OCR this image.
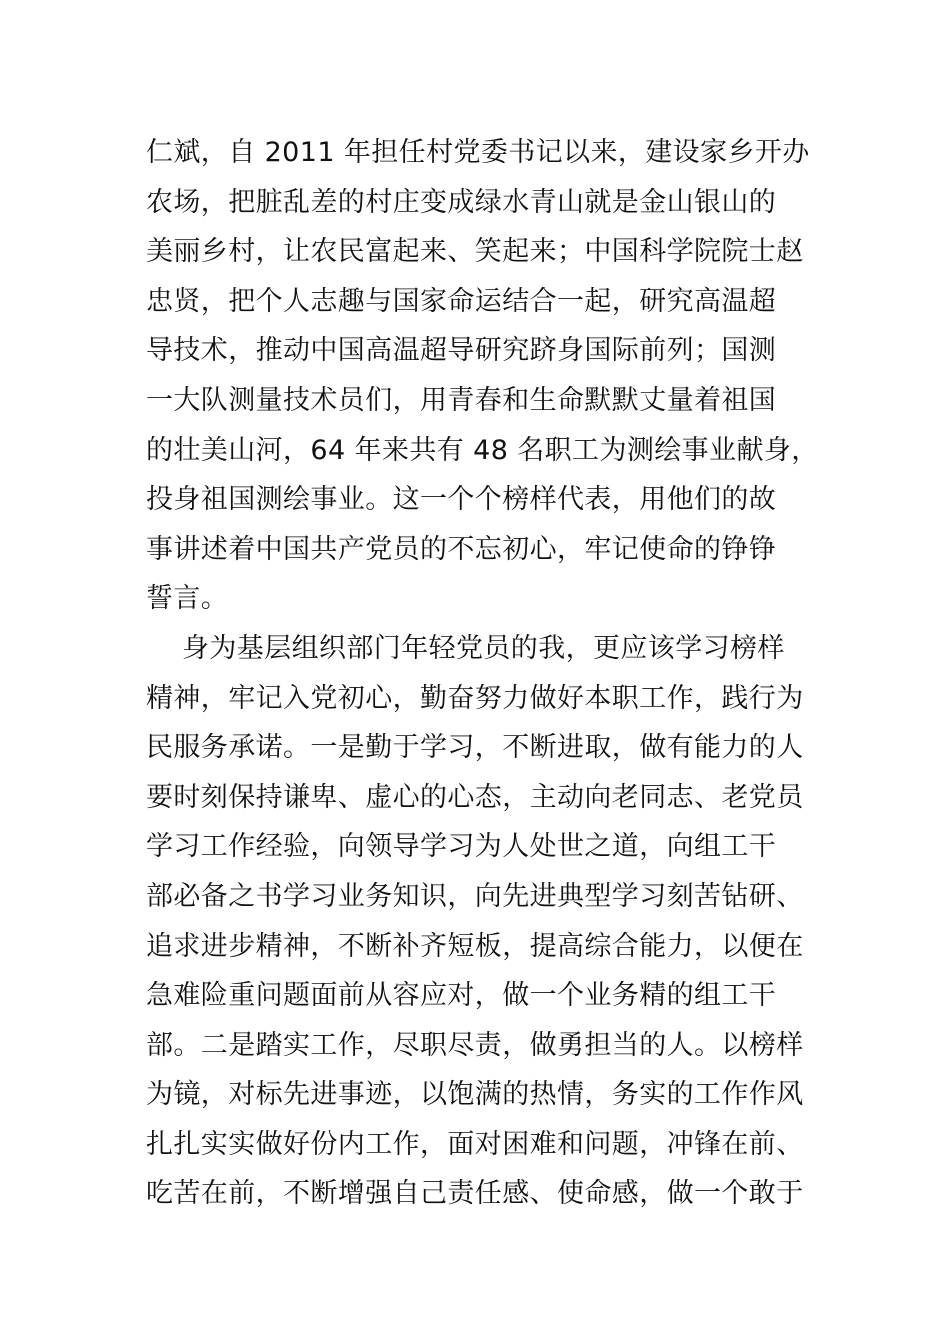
仁斌，自 2011 年担任村党委书记以来，建设家乡开办
农场，把脏乱差的村庄变成绿水青山就是金山银山的
美丽乡村，让农民富起来、笑起来；中国科学院院士赵
忠贤，把个人志趣与国家命运结合一起，研究高温超
导技术，推动中国高温超导研究跻身国际前列；国测
一大队测量技术员们，用青春和生命默默丈量着祖国
的壮美山河，64 年来共有 48 名职工为测绘事业献身，
投身祖国测绘事业。这一个个榜样代表，用他们的故
事讲述着中国共产党员的不忘初心，牢记使命的铮铮
誓言。
身为基层组织部门年轻党员的我，更应该学习榜样
精神，牢记入党初心，勤奋努力做好本职工作，践行为
民服务承诺。一是勤于学习，不断进取，做有能力的人
要时刻保持谦卑、虚心的心态，主动向老同志、老党员
学习工作经验，向领导学习为人处世之道，向组工干
部必备之书学习业务知识，向先进典型学习刻苦钻研、
追求进步精神，不断补齐短板，提高综合能力，以便在
急难险重问题面前从容应对，做一个业务精的组工干
部。二是踏实工作，尽职尽责，做勇担当的人。以榜样
为镜，对标先进事迹，以饱满的热情，务实的工作作风
扎扎实实做好份内工作，面对困难和问题，冲锋在前、
吃苦在前，不断增强自己责任感、使命感，做一个敢于
